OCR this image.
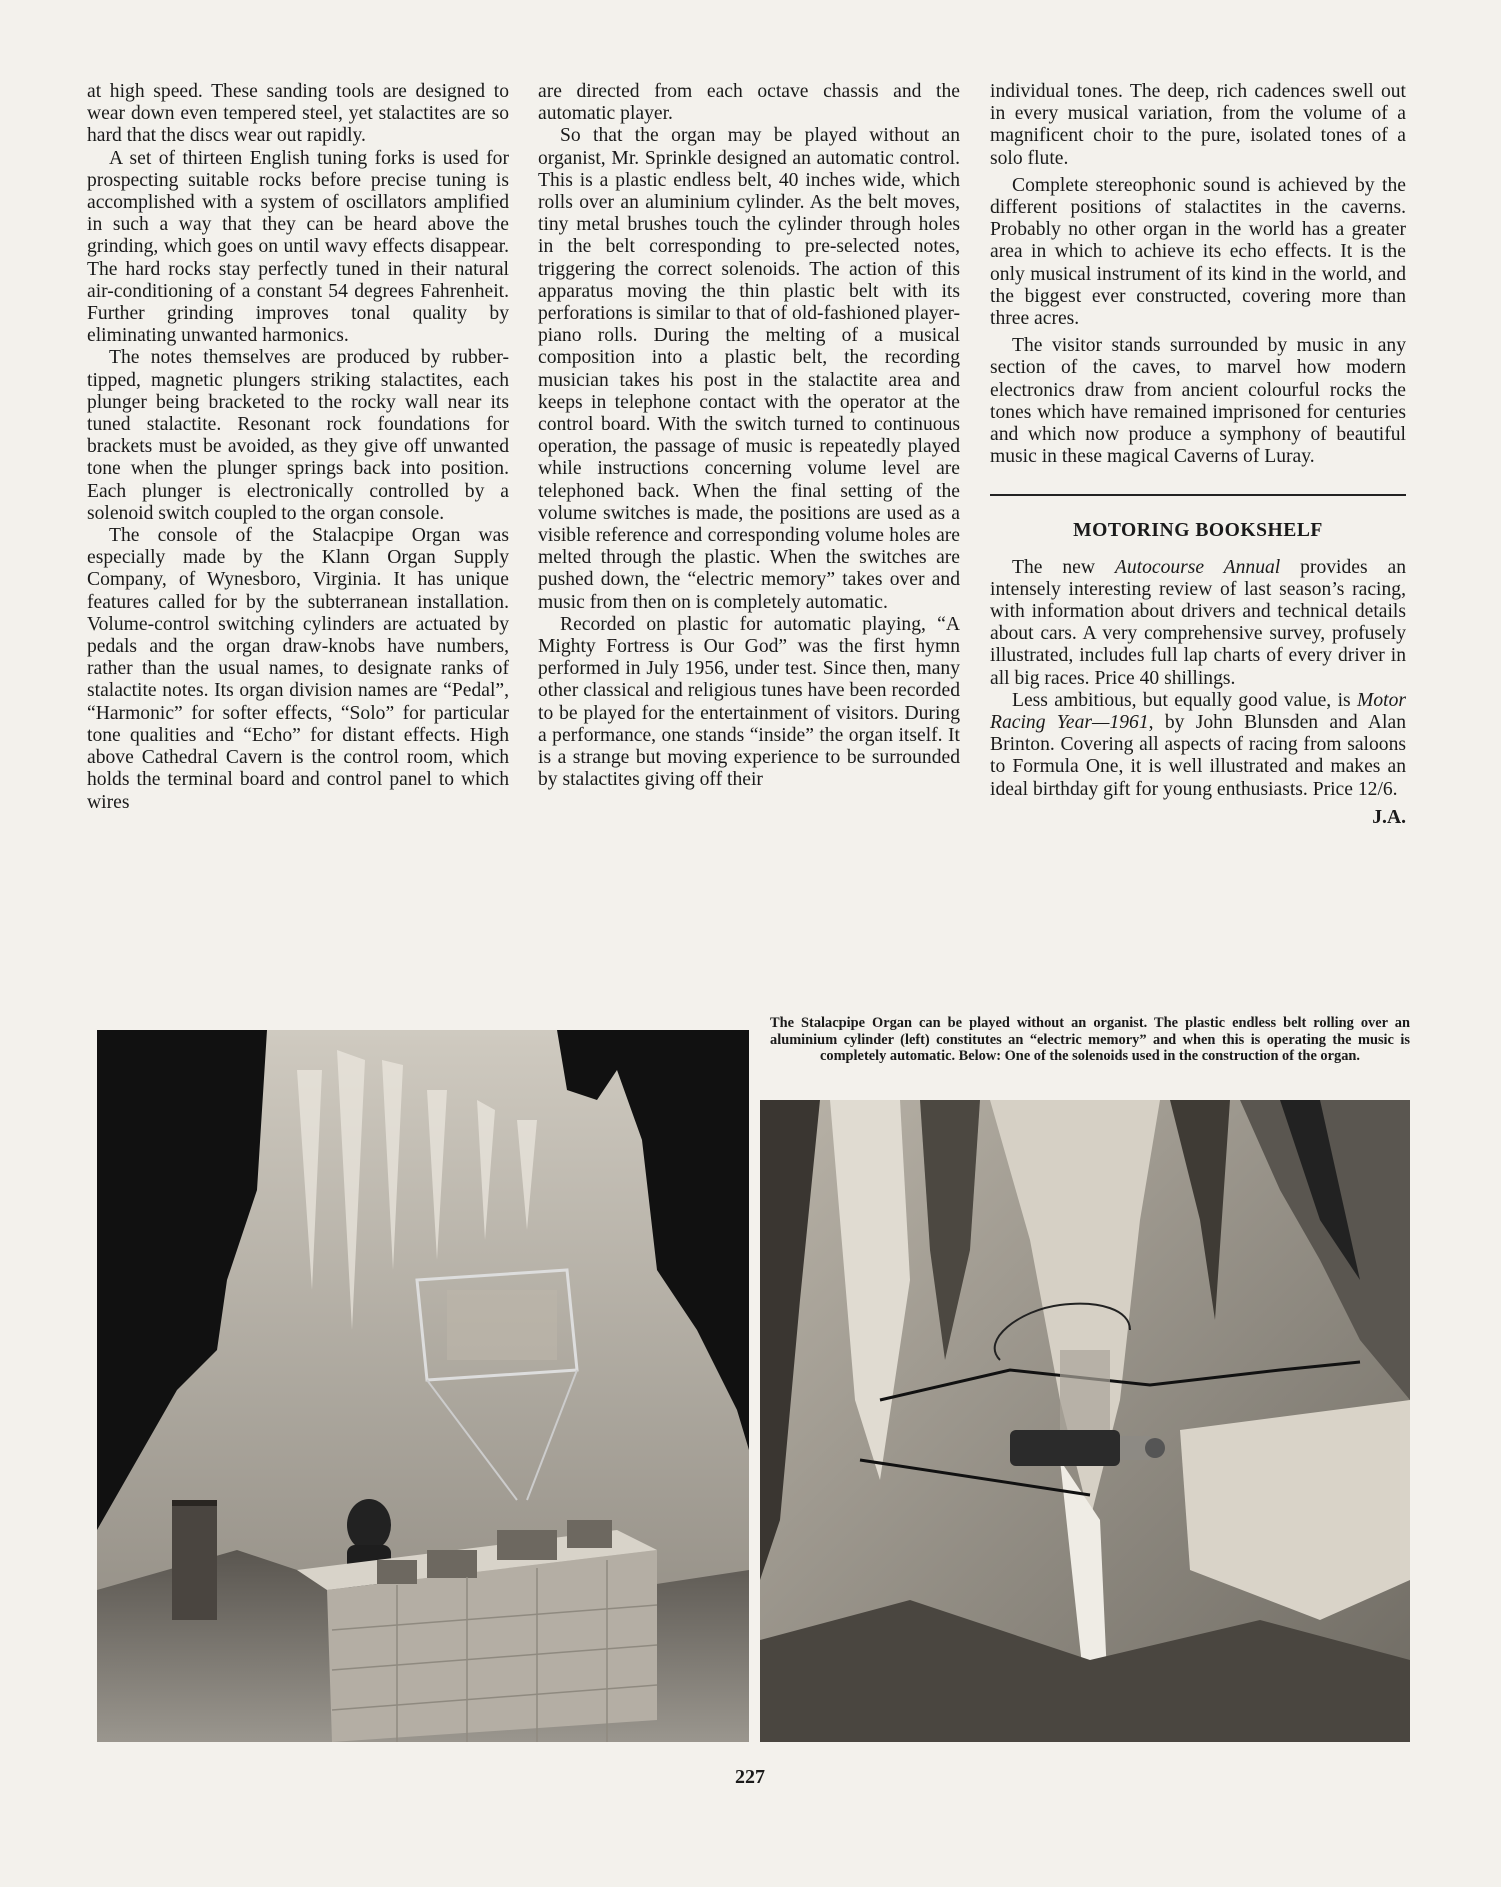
at high speed. These sanding tools are designed to wear down even tempered steel, yet stalactites are so hard that the discs wear out rapidly.

A set of thirteen English tuning forks is used for prospecting suitable rocks before precise tuning is accomplished with a system of oscillators amplified in such a way that they can be heard above the grinding, which goes on until wavy effects disappear. The hard rocks stay perfectly tuned in their natural air-conditioning of a constant 54 degrees Fahrenheit. Further grinding improves tonal quality by eliminating unwanted harmonics.

The notes themselves are produced by rubber-tipped, magnetic plungers striking stalactites, each plunger being bracketed to the rocky wall near its tuned stalactite. Resonant rock foundations for brackets must be avoided, as they give off unwanted tone when the plunger springs back into position. Each plunger is electronically controlled by a solenoid switch coupled to the organ console.

The console of the Stalacpipe Organ was especially made by the Klann Organ Supply Company, of Wynesboro, Virginia. It has unique features called for by the subterranean installation. Volume-control switching cylinders are actuated by pedals and the organ draw-knobs have numbers, rather than the usual names, to designate ranks of stalactite notes. Its organ division names are “Pedal”, “Harmonic” for softer effects, “Solo” for particular tone qualities and “Echo” for distant effects. High above Cathedral Cavern is the control room, which holds the terminal board and control panel to which wires

are directed from each octave chassis and the automatic player.

So that the organ may be played without an organist, Mr. Sprinkle designed an automatic control. This is a plastic endless belt, 40 inches wide, which rolls over an aluminium cylinder. As the belt moves, tiny metal brushes touch the cylinder through holes in the belt corresponding to pre-selected notes, triggering the correct solenoids. The action of this apparatus moving the thin plastic belt with its perforations is similar to that of old-fashioned player-piano rolls. During the melting of a musical composition into a plastic belt, the recording musician takes his post in the stalactite area and keeps in telephone contact with the operator at the control board. With the switch turned to continuous operation, the passage of music is repeatedly played while instructions concerning volume level are telephoned back. When the final setting of the volume switches is made, the positions are used as a visible reference and corresponding volume holes are melted through the plastic. When the switches are pushed down, the “electric memory” takes over and music from then on is completely automatic.

Recorded on plastic for automatic playing, “A Mighty Fortress is Our God” was the first hymn performed in July 1956, under test. Since then, many other classical and religious tunes have been recorded to be played for the entertainment of visitors. During a performance, one stands “inside” the organ itself. It is a strange but moving experience to be surrounded by stalactites giving off their

individual tones. The deep, rich cadences swell out in every musical variation, from the volume of a magnificent choir to the pure, isolated tones of a solo flute.

Complete stereophonic sound is achieved by the different positions of stalactites in the caverns. Probably no other organ in the world has a greater area in which to achieve its echo effects. It is the only musical instrument of its kind in the world, and the biggest ever constructed, covering more than three acres.

The visitor stands surrounded by music in any section of the caves, to marvel how modern electronics draw from ancient colourful rocks the tones which have remained imprisoned for centuries and which now produce a symphony of beautiful music in these magical Caverns of Luray.

MOTORING BOOKSHELF

The new Autocourse Annual provides an intensely interesting review of last season’s racing, with information about drivers and technical details about cars. A very comprehensive survey, profusely illustrated, includes full lap charts of every driver in all big races. Price 40 shillings.

Less ambitious, but equally good value, is Motor Racing Year—1961, by John Blunsden and Alan Brinton. Covering all aspects of racing from saloons to Formula One, it is well illustrated and makes an ideal birthday gift for young enthusiasts. Price 12/6.

J.A.
The Stalacpipe Organ can be played without an organist. The plastic endless belt rolling over an aluminium cylinder (left) constitutes an “electric memory” and when this is operating the music is completely automatic. Below: One of the solenoids used in the construction of the organ.
227
